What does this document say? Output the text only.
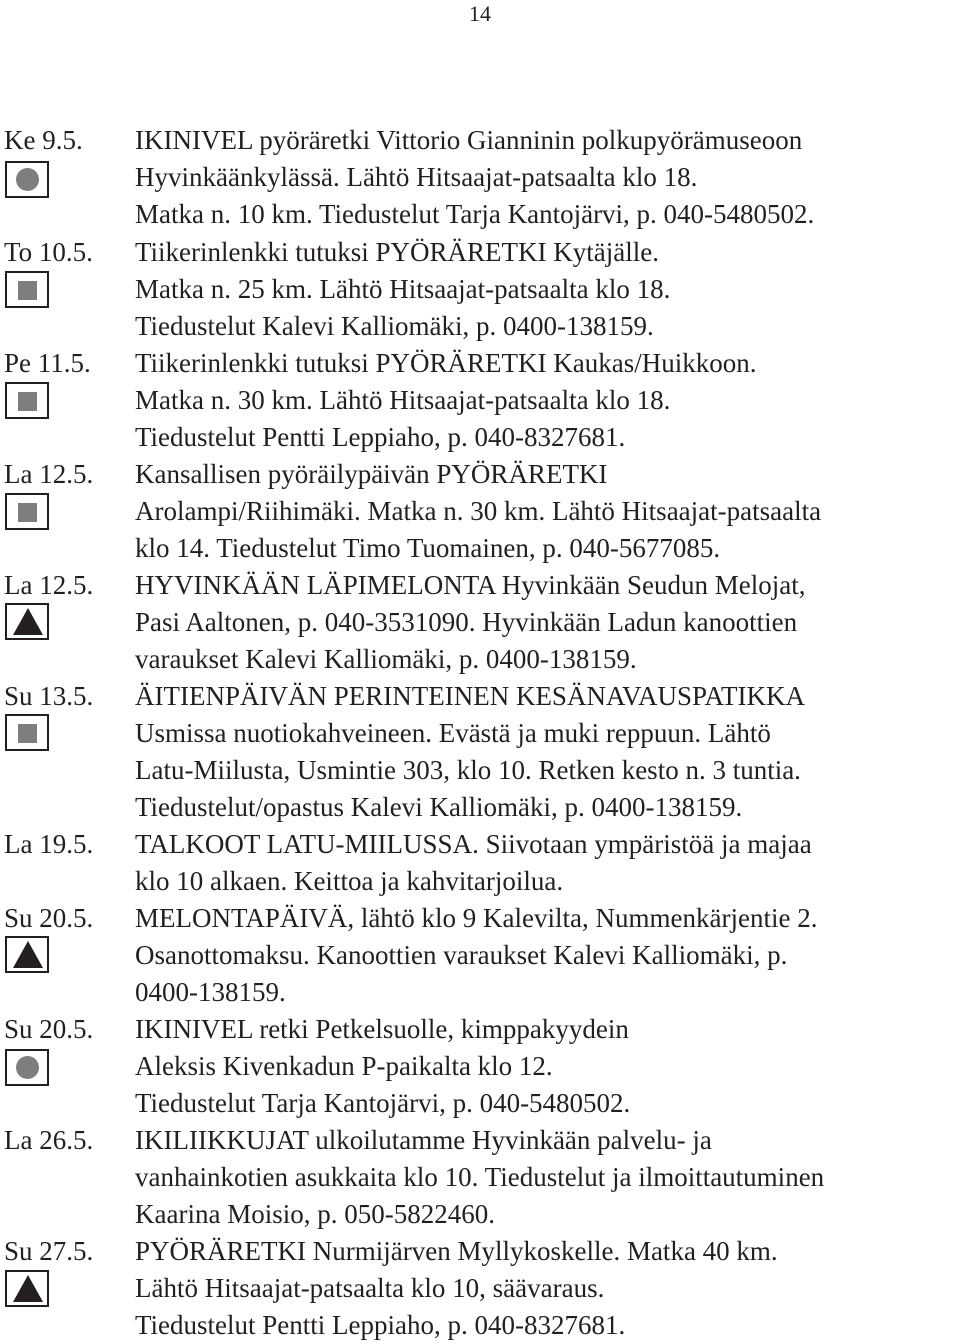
14
Ke 9.5. IKINIVEL pyöräretki Vittorio Gianninin polkupyörämuseoon
Hyvinkäänkylässä. Lähtö Hitsaajat-patsaalta klo 18.
Matka n. 10 km. Tiedustelut Tarja Kantojärvi, p. 040-5480502.
To 10.5. Tiikerinlenkki tutuksi PYÖRÄRETKI Kytäjälle.
Matka n. 25 km. Lähtö Hitsaajat-patsaalta klo 18.
Tiedustelut Kalevi Kalliomäki, p. 0400-138159.
Pe 11.5. Tiikerinlenkki tutuksi PYÖRÄRETKI Kaukas/Huikkoon.
Matka n. 30 km. Lähtö Hitsaajat-patsaalta klo 18.
Tiedustelut Pentti Leppiaho, p. 040-8327681.
La 12.5. Kansallisen pyöräilypäivän PYÖRÄRETKI
Arolampi/Riihimäki. Matka n. 30 km. Lähtö Hitsaajat-patsaalta
klo 14. Tiedustelut Timo Tuomainen, p. 040-5677085.
La 12.5. HYVINKÄÄN LÄPIMELONTA Hyvinkään Seudun Melojat,
Pasi Aaltonen, p. 040-3531090. Hyvinkään Ladun kanoottien
varaukset Kalevi Kalliomäki, p. 0400-138159.
Su 13.5. ÄITIENPÄIVÄN PERINTEINEN KESÄNAVAUSPATIKKA
Usmissa nuotiokahveineen. Evästä ja muki reppuun. Lähtö
Latu-Miilusta, Usmintie 303, klo 10. Retken kesto n. 3 tuntia.
Tiedustelut/opastus Kalevi Kalliomäki, p. 0400-138159.
La 19.5. TALKOOT LATU-MIILUSSA. Siivotaan ympäristöä ja majaa
klo 10 alkaen. Keittoa ja kahvitarjoilua.
Su 20.5. MELONTAPÄIVÄ, lähtö klo 9 Kalevilta, Nummenkärjentie 2.
Osanottomaksu. Kanoottien varaukset Kalevi Kalliomäki, p.
0400-138159.
Su 20.5. IKINIVEL retki Petkelsuolle, kimppakyydein
Aleksis Kivenkadun P-paikalta klo 12.
Tiedustelut Tarja Kantojärvi, p. 040-5480502.
La 26.5. IKILIIKKUJAT ulkoilutamme Hyvinkään palvelu- ja
vanhainkotien asukkaita klo 10. Tiedustelut ja ilmoittautuminen
Kaarina Moisio, p. 050-5822460.
Su 27.5. PYÖRÄRETKI Nurmijärven Myllykoskelle. Matka 40 km.
Lähtö Hitsaajat-patsaalta klo 10, säävaraus.
Tiedustelut Pentti Leppiaho, p. 040-8327681.
